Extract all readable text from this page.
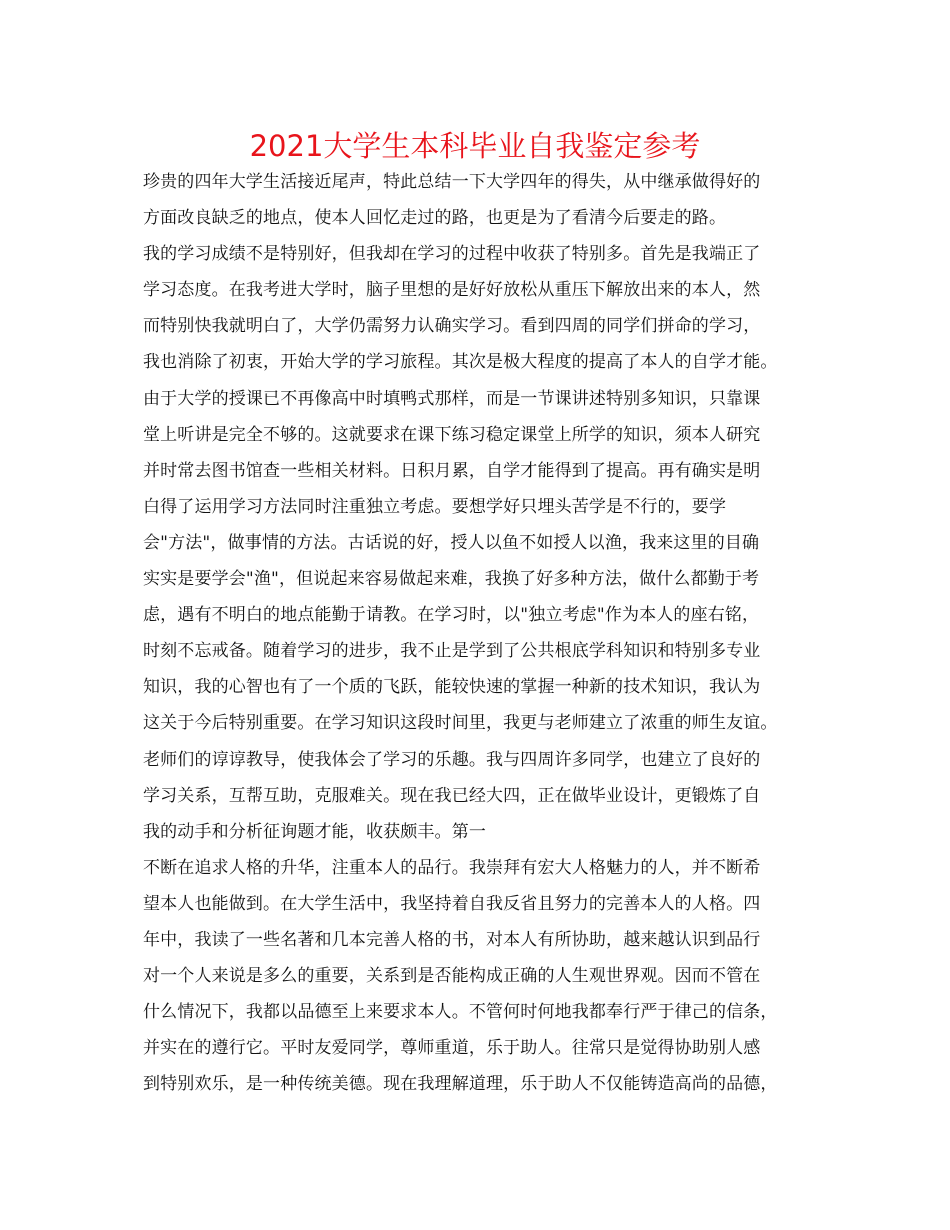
2021大学生本科毕业自我鉴定参考
珍贵的四年大学生活接近尾声，特此总结一下大学四年的得失，从中继承做得好的
方面改良缺乏的地点，使本人回忆走过的路，也更是为了看清今后要走的路。
我的学习成绩不是特别好，但我却在学习的过程中收获了特别多。首先是我端正了
学习态度。在我考进大学时，脑子里想的是好好放松从重压下解放出来的本人，然
而特别快我就明白了，大学仍需努力认确实学习。看到四周的同学们拼命的学习，
我也消除了初衷，开始大学的学习旅程。其次是极大程度的提高了本人的自学才能。
由于大学的授课已不再像高中时填鸭式那样，而是一节课讲述特别多知识，只靠课
堂上听讲是完全不够的。这就要求在课下练习稳定课堂上所学的知识，须本人研究
并时常去图书馆查一些相关材料。日积月累，自学才能得到了提高。再有确实是明
白得了运用学习方法同时注重独立考虑。要想学好只埋头苦学是不行的，要学
会"方法"，做事情的方法。古话说的好，授人以鱼不如授人以渔，我来这里的目确
实实是要学会"渔"，但说起来容易做起来难，我换了好多种方法，做什么都勤于考
虑，遇有不明白的地点能勤于请教。在学习时，以"独立考虑"作为本人的座右铭，
时刻不忘戒备。随着学习的进步，我不止是学到了公共根底学科知识和特别多专业
知识，我的心智也有了一个质的飞跃，能较快速的掌握一种新的技术知识，我认为
这关于今后特别重要。在学习知识这段时间里，我更与老师建立了浓重的师生友谊。
老师们的谆谆教导，使我体会了学习的乐趣。我与四周许多同学，也建立了良好的
学习关系，互帮互助，克服难关。现在我已经大四，正在做毕业设计，更锻炼了自
我的动手和分析征询题才能，收获颇丰。第一
不断在追求人格的升华，注重本人的品行。我崇拜有宏大人格魅力的人，并不断希
望本人也能做到。在大学生活中，我坚持着自我反省且努力的完善本人的人格。四
年中，我读了一些名著和几本完善人格的书，对本人有所协助，越来越认识到品行
对一个人来说是多么的重要，关系到是否能构成正确的人生观世界观。因而不管在
什么情况下，我都以品德至上来要求本人。不管何时何地我都奉行严于律己的信条，
并实在的遵行它。平时友爱同学，尊师重道，乐于助人。往常只是觉得协助别人感
到特别欢乐，是一种传统美德。现在我理解道理，乐于助人不仅能铸造高尚的品德，
